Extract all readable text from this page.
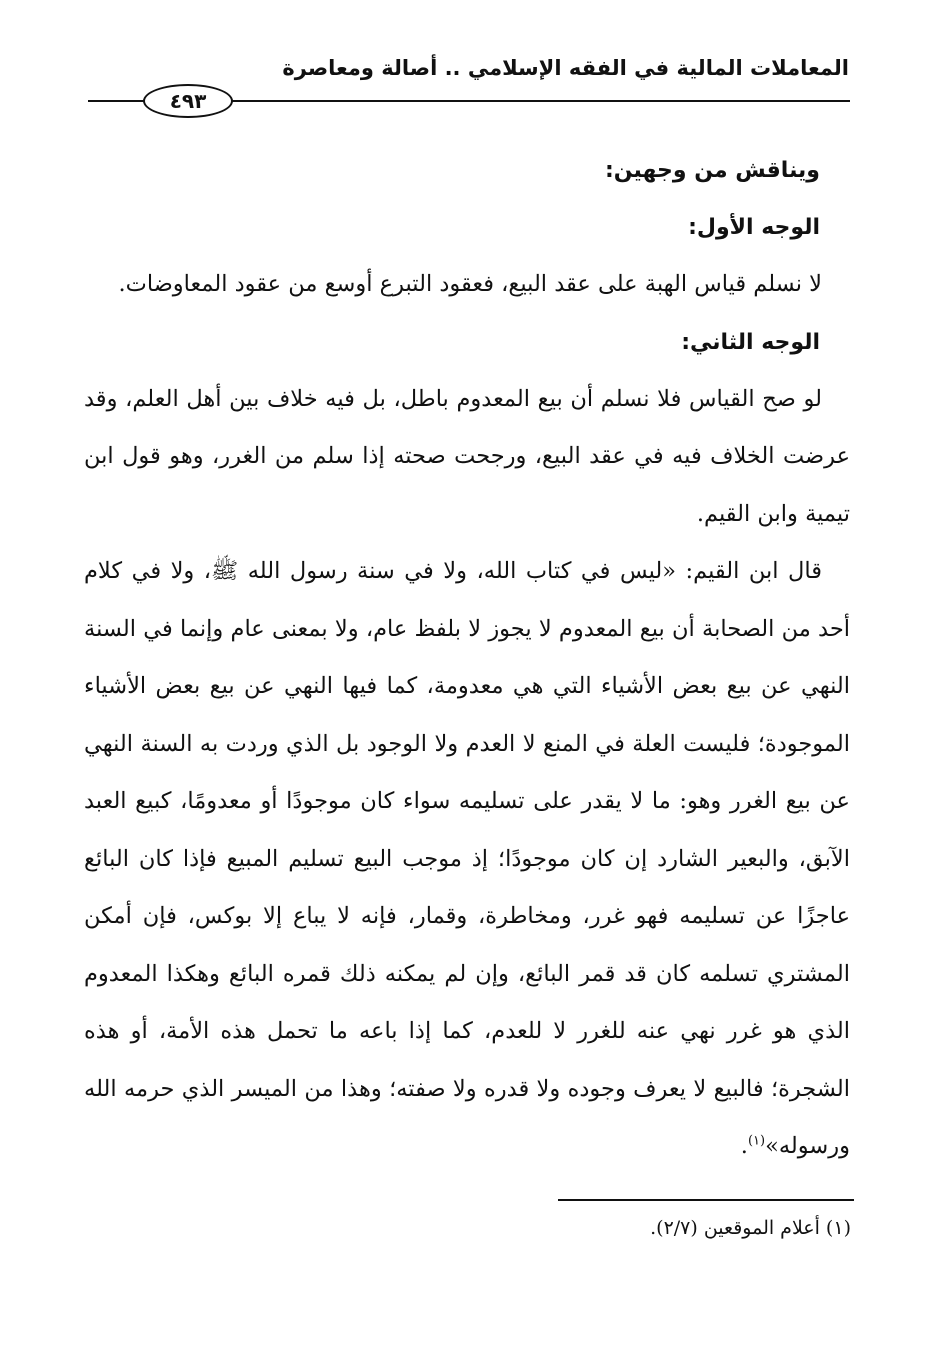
المعاملات المالية في الفقه الإسلامي .. أصالة ومعاصرة
٤٩٣

ويناقش من وجهين:

الوجه الأول:

لا نسلم قياس الهبة على عقد البيع، فعقود التبرع أوسع من عقود المعاوضات.

الوجه الثاني:

لو صح القياس فلا نسلم أن بيع المعدوم باطل، بل فيه خلاف بين أهل العلم، وقد عرضت الخلاف فيه في عقد البيع، ورجحت صحته إذا سلم من الغرر، وهو قول ابن تيمية وابن القيم.

قال ابن القيم: «ليس في كتاب الله، ولا في سنة رسول الله ﷺ، ولا في كلام أحد من الصحابة أن بيع المعدوم لا يجوز لا بلفظ عام، ولا بمعنى عام وإنما في السنة النهي عن بيع بعض الأشياء التي هي معدومة، كما فيها النهي عن بيع بعض الأشياء الموجودة؛ فليست العلة في المنع لا العدم ولا الوجود بل الذي وردت به السنة النهي عن بيع الغرر وهو: ما لا يقدر على تسليمه سواء كان موجودًا أو معدومًا، كبيع العبد الآبق، والبعير الشارد إن كان موجودًا؛ إذ موجب البيع تسليم المبيع فإذا كان البائع عاجزًا عن تسليمه فهو غرر، ومخاطرة، وقمار، فإنه لا يباع إلا بوكس، فإن أمكن المشتري تسلمه كان قد قمر البائع، وإن لم يمكنه ذلك قمره البائع وهكذا المعدوم الذي هو غرر نهي عنه للغرر لا للعدم، كما إذا باعه ما تحمل هذه الأمة، أو هذه الشجرة؛ فالبيع لا يعرف وجوده ولا قدره ولا صفته؛ وهذا من الميسر الذي حرمه الله ورسوله»$^{(١)}$.

(١) أعلام الموقعين (٢/٧).
